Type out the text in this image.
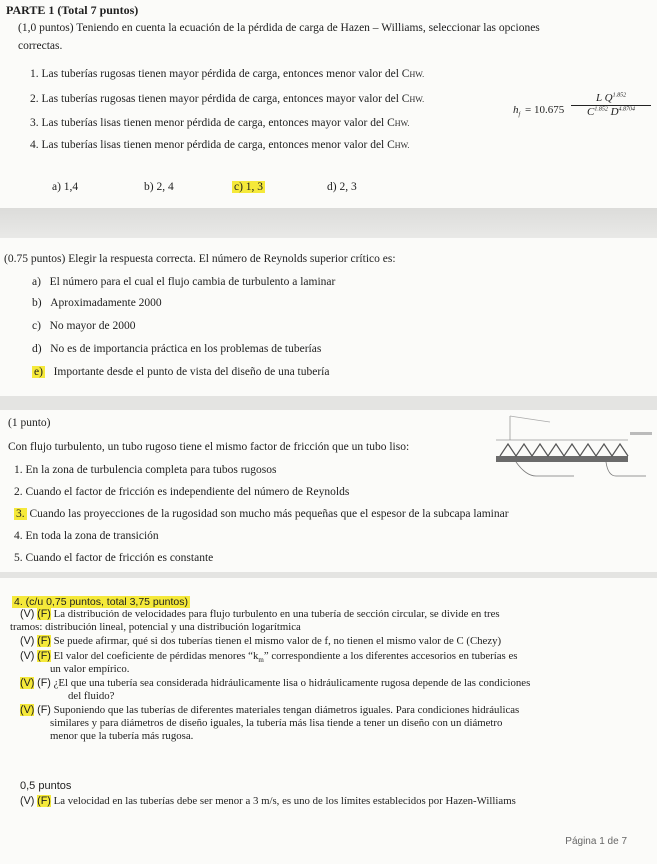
PARTE 1 (Total 7 puntos)
(1,0 puntos) Teniendo en cuenta la ecuación de la pérdida de carga de Hazen – Williams, seleccionar las opciones
correctas.
1. Las tuberías rugosas tienen mayor pérdida de carga, entonces menor valor del CHW.
2. Las tuberías rugosas tienen mayor pérdida de carga, entonces mayor valor del CHW.
3. Las tuberías lisas tienen menor pérdida de carga, entonces mayor valor del CHW.
4. Las tuberías lisas tienen menor pérdida de carga, entonces menor valor del CHW.
$h_f = 10.675 \frac{L Q^{1.852}}{C^{1.852} D^{4.8704}}$
a) 1,4	b) 2, 4	c) 1, 3	d) 2, 3
(0.75 puntos) Elegir la respuesta correcta. El número de Reynolds superior crítico es:
a) El número para el cual el flujo cambia de turbulento a laminar
b) Aproximadamente 2000
c) No mayor de 2000
d) No es de importancia práctica en los problemas de tuberías
e) Importante desde el punto de vista del diseño de una tubería
(1 punto)
Con flujo turbulento, un tubo rugoso tiene el mismo factor de fricción que un tubo liso:
1. En la zona de turbulencia completa para tubos rugosos
2. Cuando el factor de fricción es independiente del número de Reynolds
3. Cuando las proyecciones de la rugosidad son mucho más pequeñas que el espesor de la subcapa laminar
4. En toda la zona de transición
5. Cuando el factor de fricción es constante
4. (c/u 0,75 puntos, total 3,75 puntos)
(V) (F) La distribución de velocidades para flujo turbulento en una tubería de sección circular, se divide en tres
tramos: distribución lineal, potencial y una distribución logarítmica
(V) (F) Se puede afirmar, qué si dos tuberías tienen el mismo valor de f, no tienen el mismo valor de C (Chezy)
(V) (F) El valor del coeficiente de pérdidas menores “$k_m$” correspondiente a los diferentes accesorios en tuberías es
un valor empírico.
(V) (F) ¿El que una tubería sea considerada hidráulicamente lisa o hidráulicamente rugosa depende de las condiciones
del fluido?
(V) (F) Suponiendo que las tuberías de diferentes materiales tengan diámetros iguales. Para condiciones hidráulicas
similares y para diámetros de diseño iguales, la tubería más lisa tiende a tener un diseño con un diámetro
menor que la tubería más rugosa.
0,5 puntos
(V) (F) La velocidad en las tuberías debe ser menor a 3 m/s, es uno de los límites establecidos por Hazen-Williams
Página 1 de 7
